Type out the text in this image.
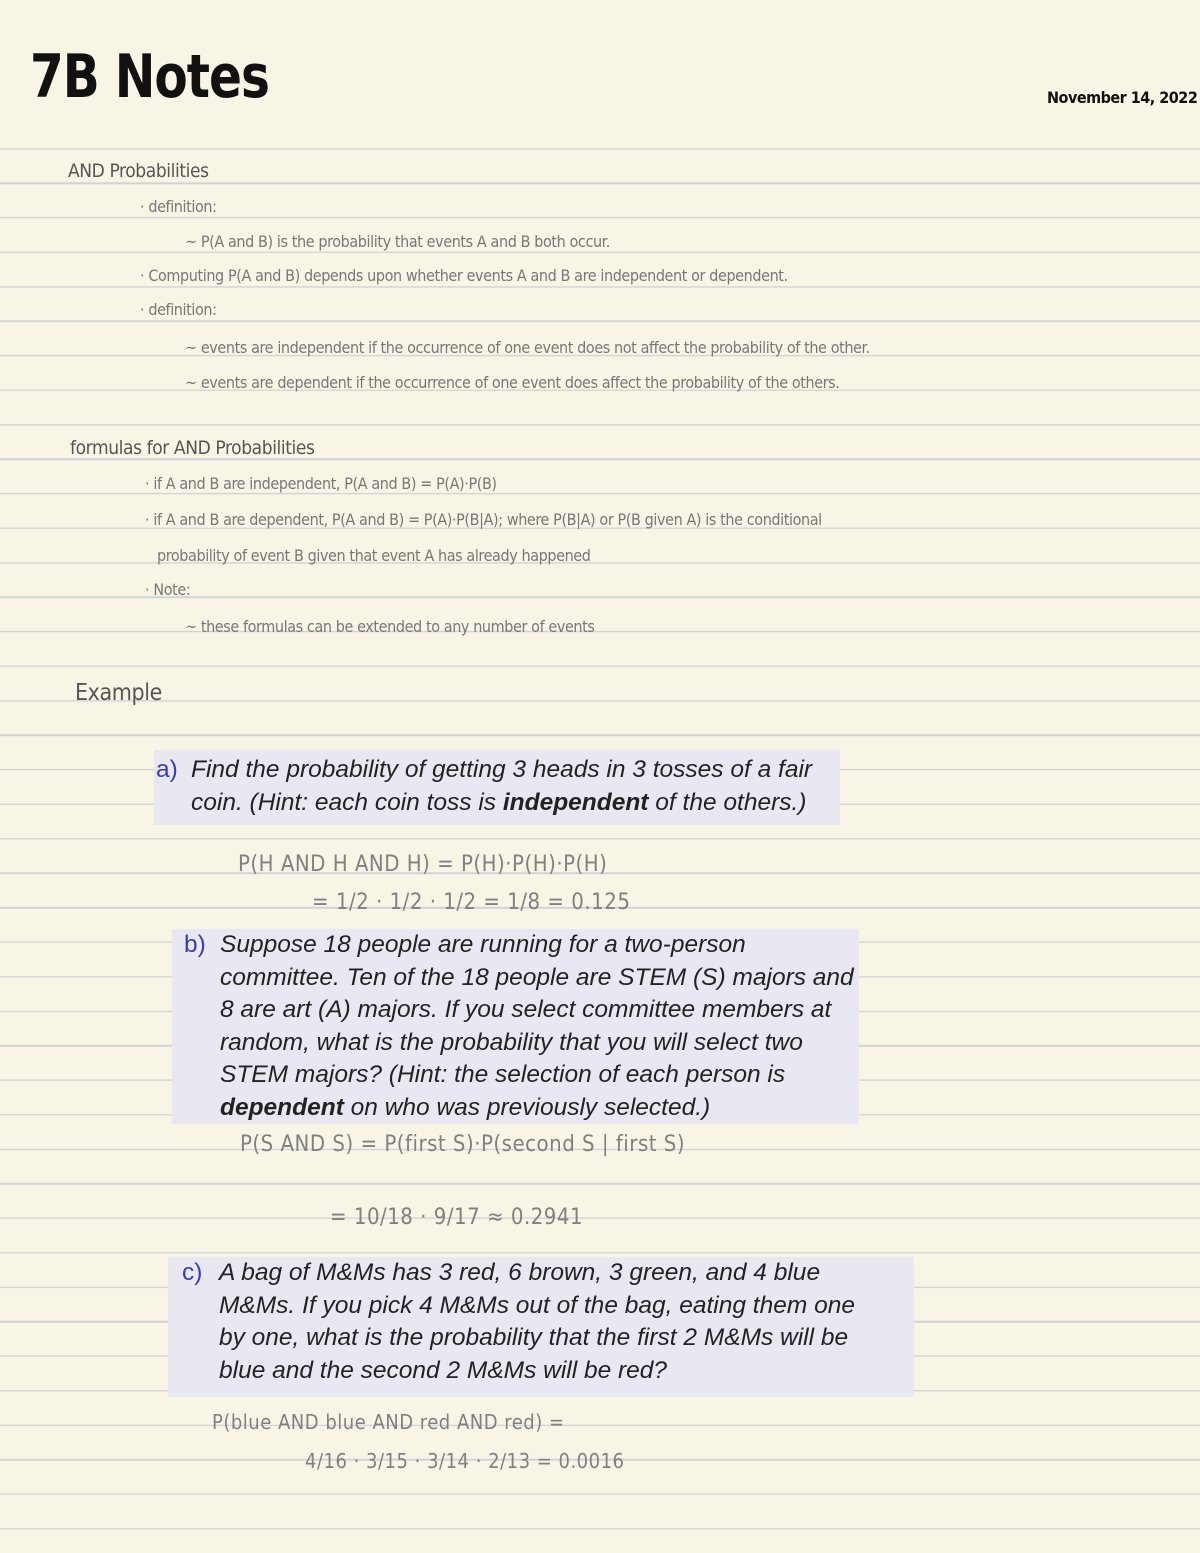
7B Notes	November 14, 2022
AND Probabilities
· definition:
~ P(A and B) is the probability that events A and B both occur.
· Computing P(A and B) depends upon whether events A and B are independent or dependent.
· definition:
~ events are independent if the occurrence of one event does not affect the probability of the other.
~ events are dependent if the occurrence of one event does affect the probability of the others.
formulas for AND Probabilities
· if A and B are independent, P(A and B) = P(A)·P(B)
· if A and B are dependent, P(A and B) = P(A)·P(B|A); where P(B|A) or P(B given A) is the conditional
probability of event B given that event A has already happened
· Note:
~ these formulas can be extended to any number of events
Example
a) Find the probability of getting 3 heads in 3 tosses of a fair
coin. (Hint: each coin toss is independent of the others.)
P(H AND H AND H) = P(H)·P(H)·P(H)
= 1/2 · 1/2 · 1/2 = 1/8 = 0.125
b) Suppose 18 people are running for a two-person
committee. Ten of the 18 people are STEM (S) majors and
8 are art (A) majors. If you select committee members at
random, what is the probability that you will select two
STEM majors? (Hint: the selection of each person is
dependent on who was previously selected.)
P(S AND S) = P(first S)·P(second S | first S)
= 10/18 · 9/17 ≈ 0.2941
c) A bag of M&Ms has 3 red, 6 brown, 3 green, and 4 blue
M&Ms. If you pick 4 M&Ms out of the bag, eating them one
by one, what is the probability that the first 2 M&Ms will be
blue and the second 2 M&Ms will be red?
P(blue AND blue AND red AND red) =
4/16 · 3/15 · 3/14 · 2/13 = 0.0016
